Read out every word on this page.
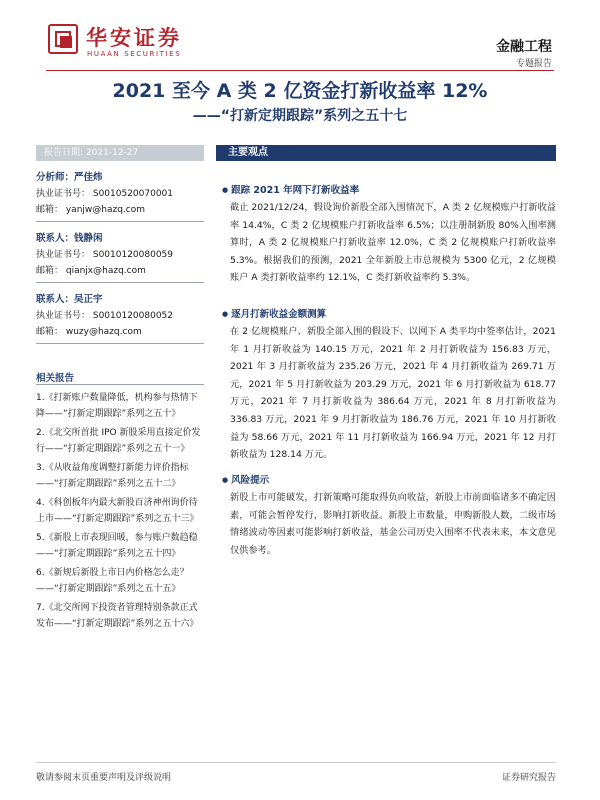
华安证券
HUAAN SECURITIES	金融工程
专题报告
2021 至今 A 类 2 亿资金打新收益率 12%
——“打新定期跟踪”系列之五十七
报告日期: 2021-12-27
分析师：严佳炜
执业证书号： S0010520070001
邮箱： yanjw@hazq.com
联系人：钱静闲
执业证书号： S0010120080059
邮箱： qianjx@hazq.com
联系人：吴正宇
执业证书号： S0010120080052
邮箱： wuzy@hazq.com
相关报告
1.《打新账户数量降低，机构参与热情下降——“打新定期跟踪”系列之五十》
2.《北交所首批 IPO 新股采用直接定价发行——“打新定期跟踪”系列之五十一》
3.《从收益角度调整打新能力评价指标——“打新定期跟踪”系列之五十二》
4.《科创板年内最大新股百济神州询价待上市——“打新定期跟踪”系列之五十三》
5.《新股上市表现回暖，参与账户数趋稳——“打新定期跟踪”系列之五十四》
6.《新规后新股上市日内价格怎么走？——“打新定期跟踪”系列之五十五》
7.《北交所网下投资者管理特别条款正式发布——“打新定期跟踪”系列之五十六》
主要观点
● 跟踪 2021 年网下打新收益率
截止 2021/12/24，假设询价新股全部入围情况下，A 类 2 亿规模账户打新收益率 14.4%，C 类 2 亿规模账户打新收益率 6.5%；以注册制新股 80%入围率测算时，A 类 2 亿规模账户打新收益率 12.0%，C 类 2 亿规模账户打新收益率 5.3%。根据我们的预测，2021 全年新股上市总规模为 5300 亿元，2 亿规模账户 A 类打新收益率约 12.1%，C 类打新收益率约 5.3%。
● 逐月打新收益金额测算
在 2 亿规模账户、新股全部入围的假设下、以网下 A 类平均中签率估计，2021 年 1 月打新收益为 140.15 万元，2021 年 2 月打新收益为 156.83 万元，2021 年 3 月打新收益为 235.26 万元，2021 年 4 月打新收益为 269.71 万元，2021 年 5 月打新收益为 203.29 万元，2021 年 6 月打新收益为 618.77 万元，2021 年 7 月打新收益为 386.64 万元，2021 年 8 月打新收益为 336.83 万元，2021 年 9 月打新收益为 186.76 万元，2021 年 10 月打新收益为 58.66 万元，2021 年 11 月打新收益为 166.94 万元，2021 年 12 月打新收益为 128.14 万元。
● 风险提示
新股上市可能破发，打新策略可能取得负向收益，新股上市前面临诸多不确定因素，可能会暂停发行，影响打新收益。新股上市数量，申购新股人数，二级市场情绪波动等因素可能影响打新收益，基金公司历史入围率不代表未来，本文意见仅供参考。
敬请参阅末页重要声明及评级说明	证券研究报告
